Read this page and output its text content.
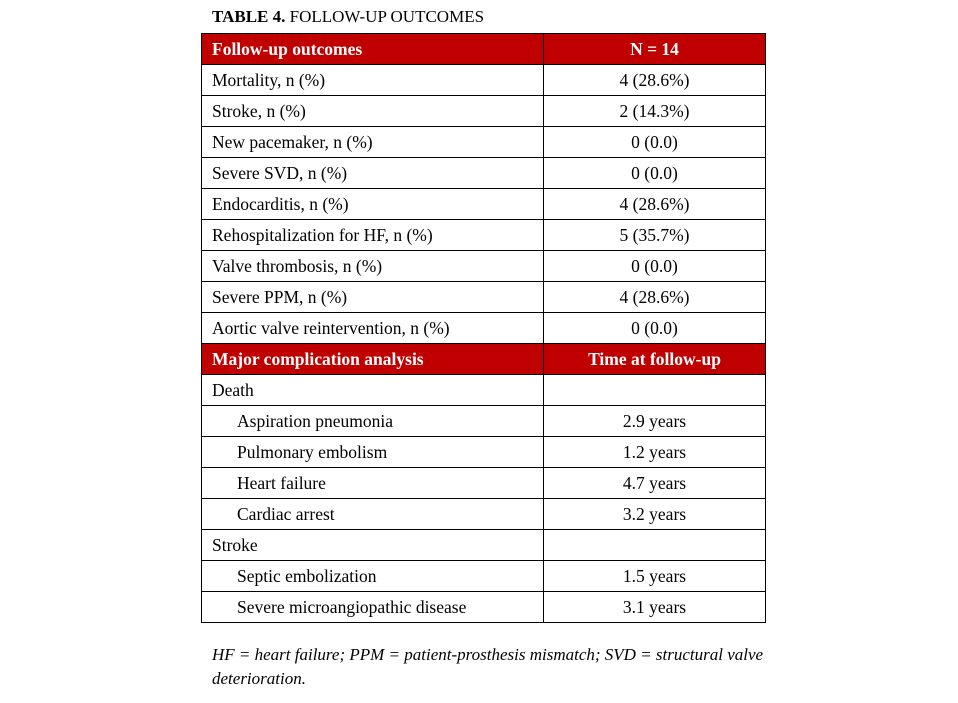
TABLE 4. FOLLOW-UP OUTCOMES
Follow-up outcomes	N = 14
Mortality, n (%)	4 (28.6%)
Stroke, n (%)	2 (14.3%)
New pacemaker, n (%)	0 (0.0)
Severe SVD, n (%)	0 (0.0)
Endocarditis, n (%)	4 (28.6%)
Rehospitalization for HF, n (%)	5 (35.7%)
Valve thrombosis, n (%)	0 (0.0)
Severe PPM, n (%)	4 (28.6%)
Aortic valve reintervention, n (%)	0 (0.0)
Major complication analysis	Time at follow-up
Death	
Aspiration pneumonia	2.9 years
Pulmonary embolism	1.2 years
Heart failure	4.7 years
Cardiac arrest	3.2 years
Stroke	
Septic embolization	1.5 years
Severe microangiopathic disease	3.1 years
HF = heart failure; PPM = patient-prosthesis mismatch; SVD = structural valve deterioration.
